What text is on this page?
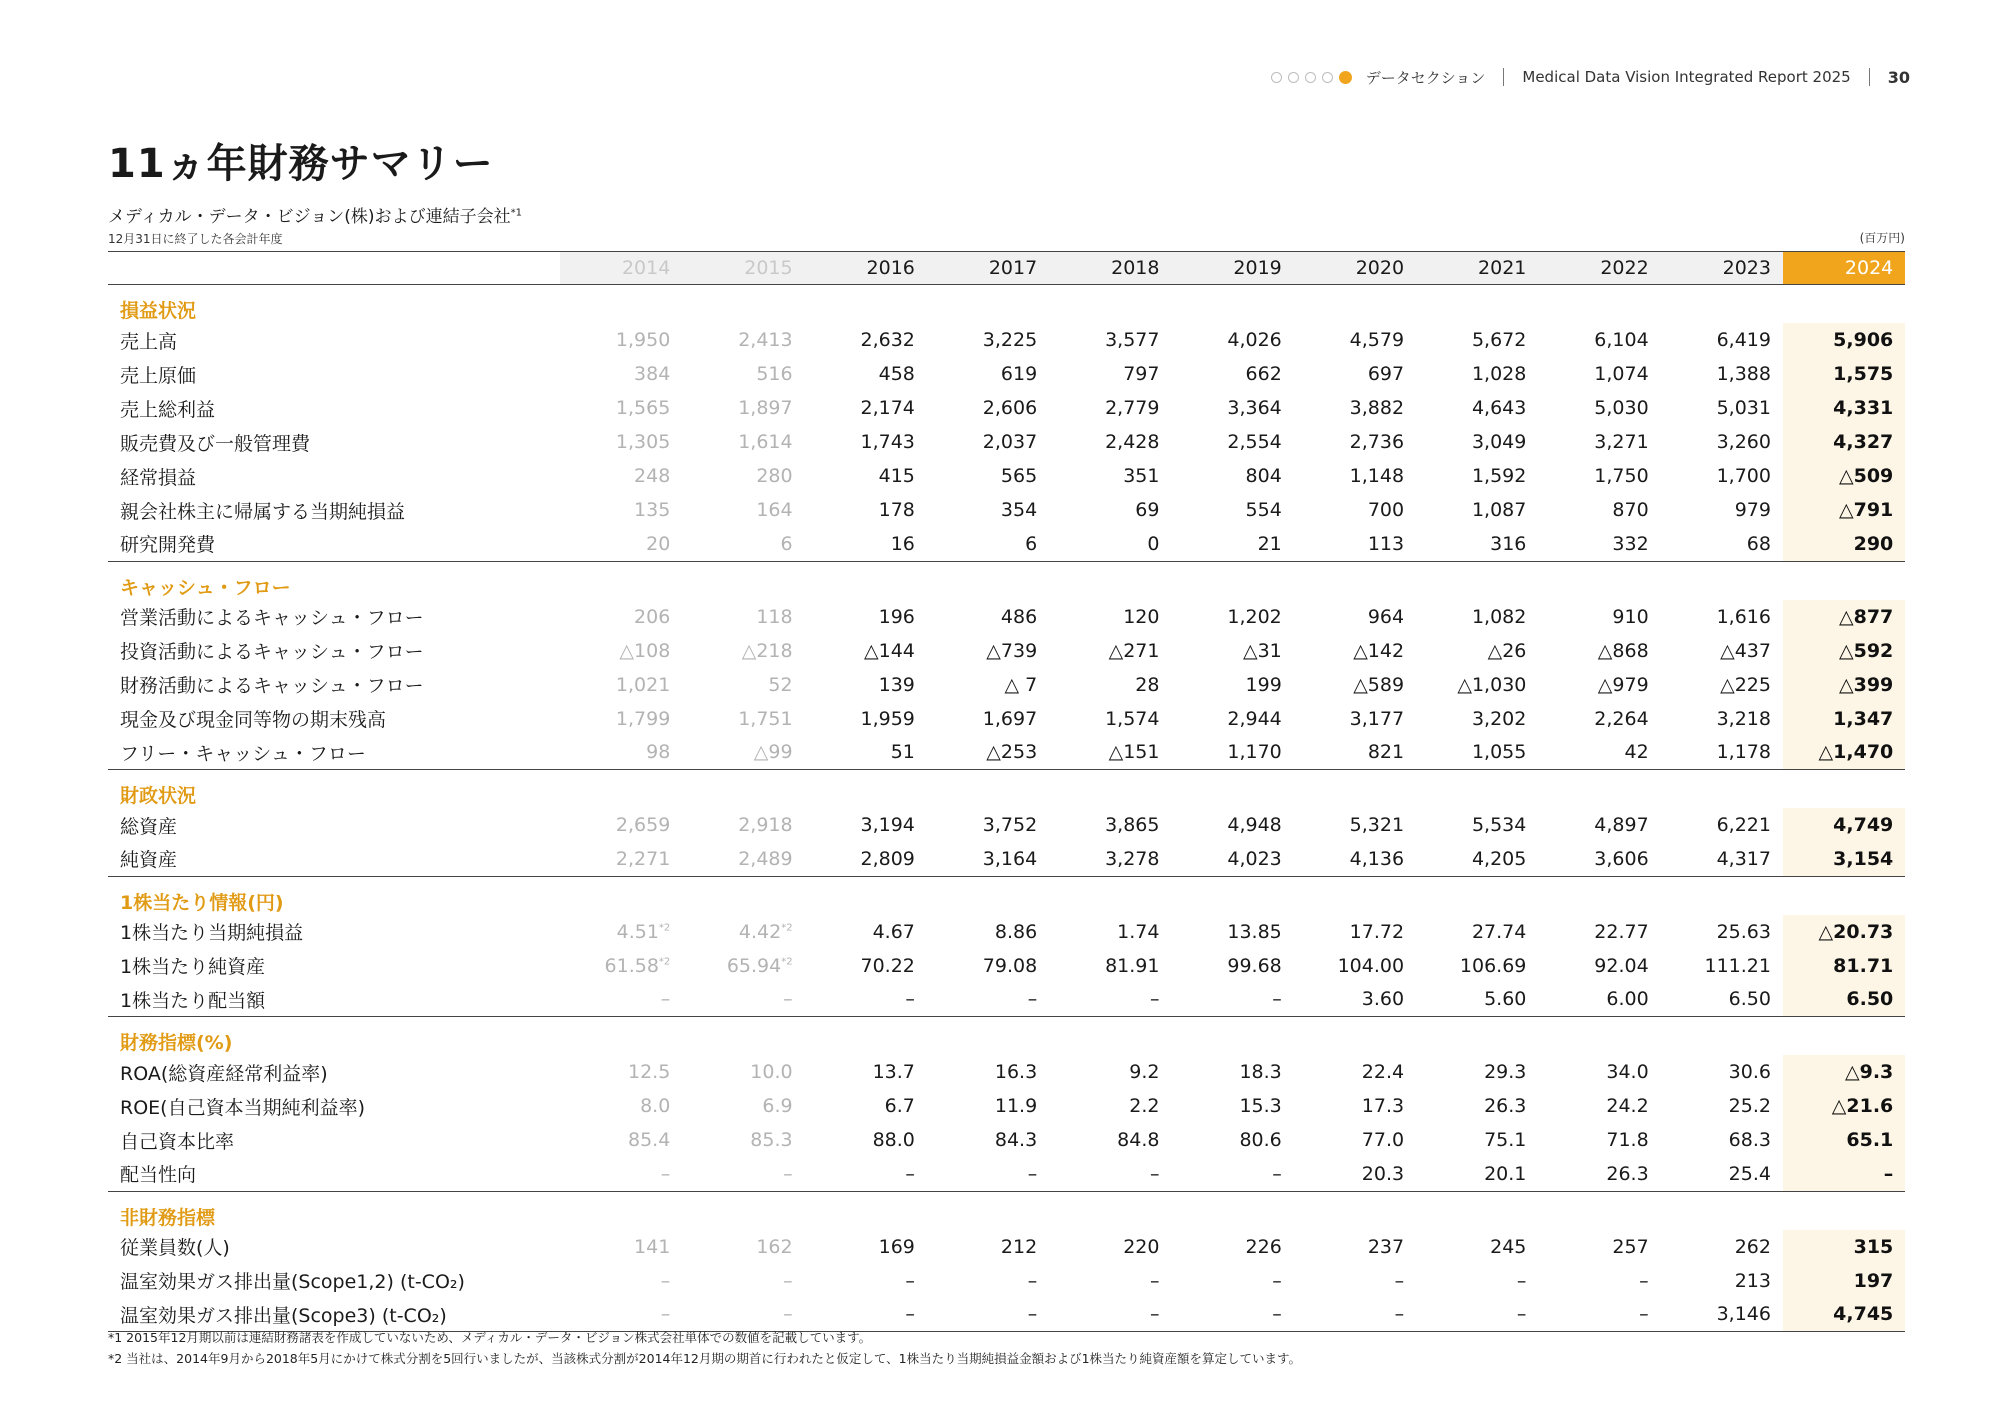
データセクション Medical Data Vision Integrated Report 2025 30
11ヵ年財務サマリー
メディカル・データ・ビジョン(株)および連結子会社$^{*1}$
12月31日に終了した各会計年度	(百万円)
	2014	2015	2016	2017	2018	2019	2020	2021	2022	2023	2024
損益状況											
売上高	1,950	2,413	2,632	3,225	3,577	4,026	4,579	5,672	6,104	6,419	5,906
売上原価	384	516	458	619	797	662	697	1,028	1,074	1,388	1,575
売上総利益	1,565	1,897	2,174	2,606	2,779	3,364	3,882	4,643	5,030	5,031	4,331
販売費及び一般管理費	1,305	1,614	1,743	2,037	2,428	2,554	2,736	3,049	3,271	3,260	4,327
経常損益	248	280	415	565	351	804	1,148	1,592	1,750	1,700	△509
親会社株主に帰属する当期純損益	135	164	178	354	69	554	700	1,087	870	979	△791
研究開発費	20	6	16	6	0	21	113	316	332	68	290
キャッシュ・フロー											
営業活動によるキャッシュ・フロー	206	118	196	486	120	1,202	964	1,082	910	1,616	△877
投資活動によるキャッシュ・フロー	△108	△218	△144	△739	△271	△31	△142	△26	△868	△437	△592
財務活動によるキャッシュ・フロー	1,021	52	139	△ 7	28	199	△589	△1,030	△979	△225	△399
現金及び現金同等物の期末残高	1,799	1,751	1,959	1,697	1,574	2,944	3,177	3,202	2,264	3,218	1,347
フリー・キャッシュ・フロー	98	△99	51	△253	△151	1,170	821	1,055	42	1,178	△1,470
財政状況											
総資産	2,659	2,918	3,194	3,752	3,865	4,948	5,321	5,534	4,897	6,221	4,749
純資産	2,271	2,489	2,809	3,164	3,278	4,023	4,136	4,205	3,606	4,317	3,154
1株当たり情報(円)											
1株当たり当期純損益	4.51$^{*2}$	4.42$^{*2}$	4.67	8.86	1.74	13.85	17.72	27.74	22.77	25.63	△20.73
1株当たり純資産	61.58$^{*2}$	65.94$^{*2}$	70.22	79.08	81.91	99.68	104.00	106.69	92.04	111.21	81.71
1株当たり配当額	–	–	–	–	–	–	3.60	5.60	6.00	6.50	6.50
財務指標(%)											
ROA(総資産経常利益率)	12.5	10.0	13.7	16.3	9.2	18.3	22.4	29.3	34.0	30.6	△9.3
ROE(自己資本当期純利益率)	8.0	6.9	6.7	11.9	2.2	15.3	17.3	26.3	24.2	25.2	△21.6
自己資本比率	85.4	85.3	88.0	84.3	84.8	80.6	77.0	75.1	71.8	68.3	65.1
配当性向	–	–	–	–	–	–	20.3	20.1	26.3	25.4	–
非財務指標											
従業員数(人)	141	162	169	212	220	226	237	245	257	262	315
温室効果ガス排出量(Scope1,2) (t-CO₂)	–	–	–	–	–	–	–	–	–	213	197
温室効果ガス排出量(Scope3) (t-CO₂)	–	–	–	–	–	–	–	–	–	3,146	4,745
*1 2015年12月期以前は連結財務諸表を作成していないため、メディカル・データ・ビジョン株式会社単体での数値を記載しています。
*2 当社は、2014年9月から2018年5月にかけて株式分割を5回行いましたが、当該株式分割が2014年12月期の期首に行われたと仮定して、1株当たり当期純損益金額および1株当たり純資産額を算定しています。
